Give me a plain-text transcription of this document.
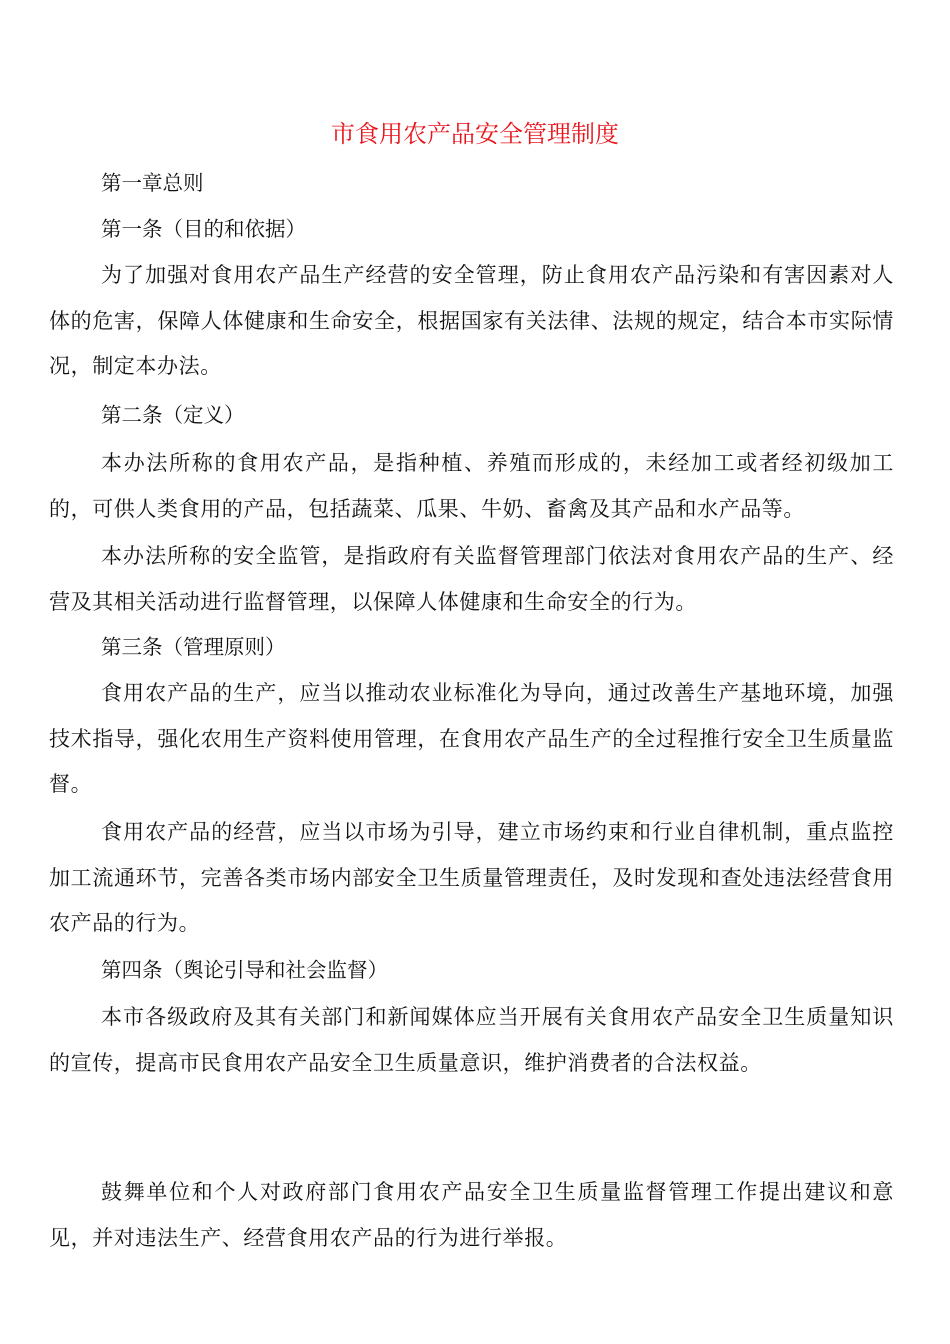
市食用农产品安全管理制度
第一章总则
第一条（目的和依据）
为了加强对食用农产品生产经营的安全管理，防止食用农产品污染和有害因素对人体的危害，保障人体健康和生命安全，根据国家有关法律、法规的规定，结合本市实际情况，制定本办法。
第二条（定义）
本办法所称的食用农产品，是指种植、养殖而形成的，未经加工或者经初级加工的，可供人类食用的产品，包括蔬菜、瓜果、牛奶、畜禽及其产品和水产品等。
本办法所称的安全监管，是指政府有关监督管理部门依法对食用农产品的生产、经营及其相关活动进行监督管理，以保障人体健康和生命安全的行为。
第三条（管理原则）
食用农产品的生产，应当以推动农业标准化为导向，通过改善生产基地环境，加强技术指导，强化农用生产资料使用管理，在食用农产品生产的全过程推行安全卫生质量监督。
食用农产品的经营，应当以市场为引导，建立市场约束和行业自律机制，重点监控加工流通环节，完善各类市场内部安全卫生质量管理责任，及时发现和查处违法经营食用农产品的行为。
第四条（舆论引导和社会监督）
本市各级政府及其有关部门和新闻媒体应当开展有关食用农产品安全卫生质量知识的宣传，提高市民食用农产品安全卫生质量意识，维护消费者的合法权益。
鼓舞单位和个人对政府部门食用农产品安全卫生质量监督管理工作提出建议和意见，并对违法生产、经营食用农产品的行为进行举报。
